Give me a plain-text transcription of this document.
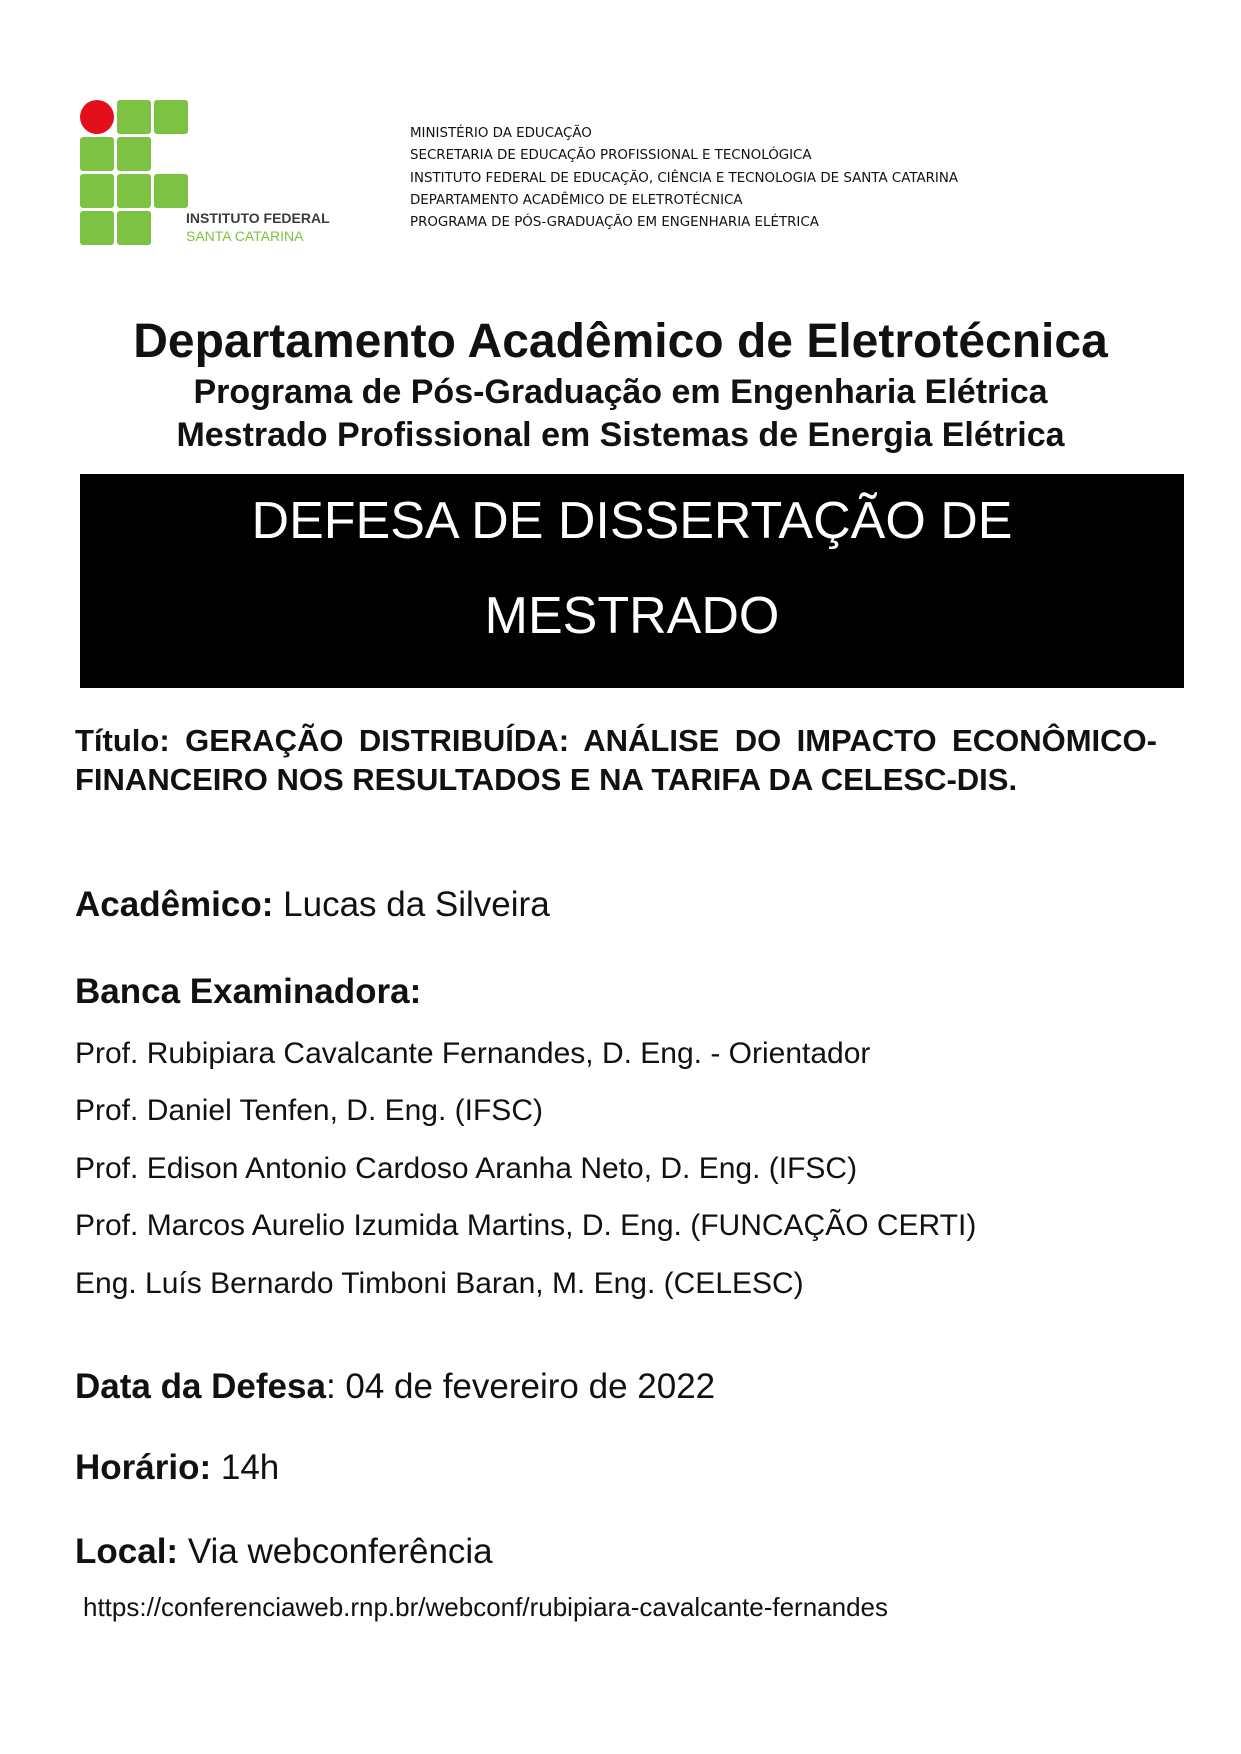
INSTITUTO FEDERAL
SANTA CATARINA
MINISTÉRIO DA EDUCAÇÃO
SECRETARIA DE EDUCAÇÃO PROFISSIONAL E TECNOLÓGICA
INSTITUTO FEDERAL DE EDUCAÇÃO, CIÊNCIA E TECNOLOGIA DE SANTA CATARINA
DEPARTAMENTO ACADÊMICO DE ELETROTÉCNICA
PROGRAMA DE PÓS-GRADUAÇÃO EM ENGENHARIA ELÉTRICA
Departamento Acadêmico de Eletrotécnica
Programa de Pós-Graduação em Engenharia Elétrica
Mestrado Profissional em Sistemas de Energia Elétrica
DEFESA DE DISSERTAÇÃO DE
MESTRADO
Título: GERAÇÃO DISTRIBUÍDA: ANÁLISE DO IMPACTO ECONÔMICO-FINANCEIRO NOS RESULTADOS E NA TARIFA DA CELESC-DIS.
Acadêmico: Lucas da Silveira
Banca Examinadora:
Prof. Rubipiara Cavalcante Fernandes, D. Eng. - Orientador
Prof. Daniel Tenfen, D. Eng. (IFSC)
Prof. Edison Antonio Cardoso Aranha Neto, D. Eng. (IFSC)
Prof. Marcos Aurelio Izumida Martins, D. Eng. (FUNCAÇÃO CERTI)
Eng. Luís Bernardo Timboni Baran, M. Eng. (CELESC)
Data da Defesa: 04 de fevereiro de 2022
Horário: 14h
Local: Via webconferência
https://conferenciaweb.rnp.br/webconf/rubipiara-cavalcante-fernandes
